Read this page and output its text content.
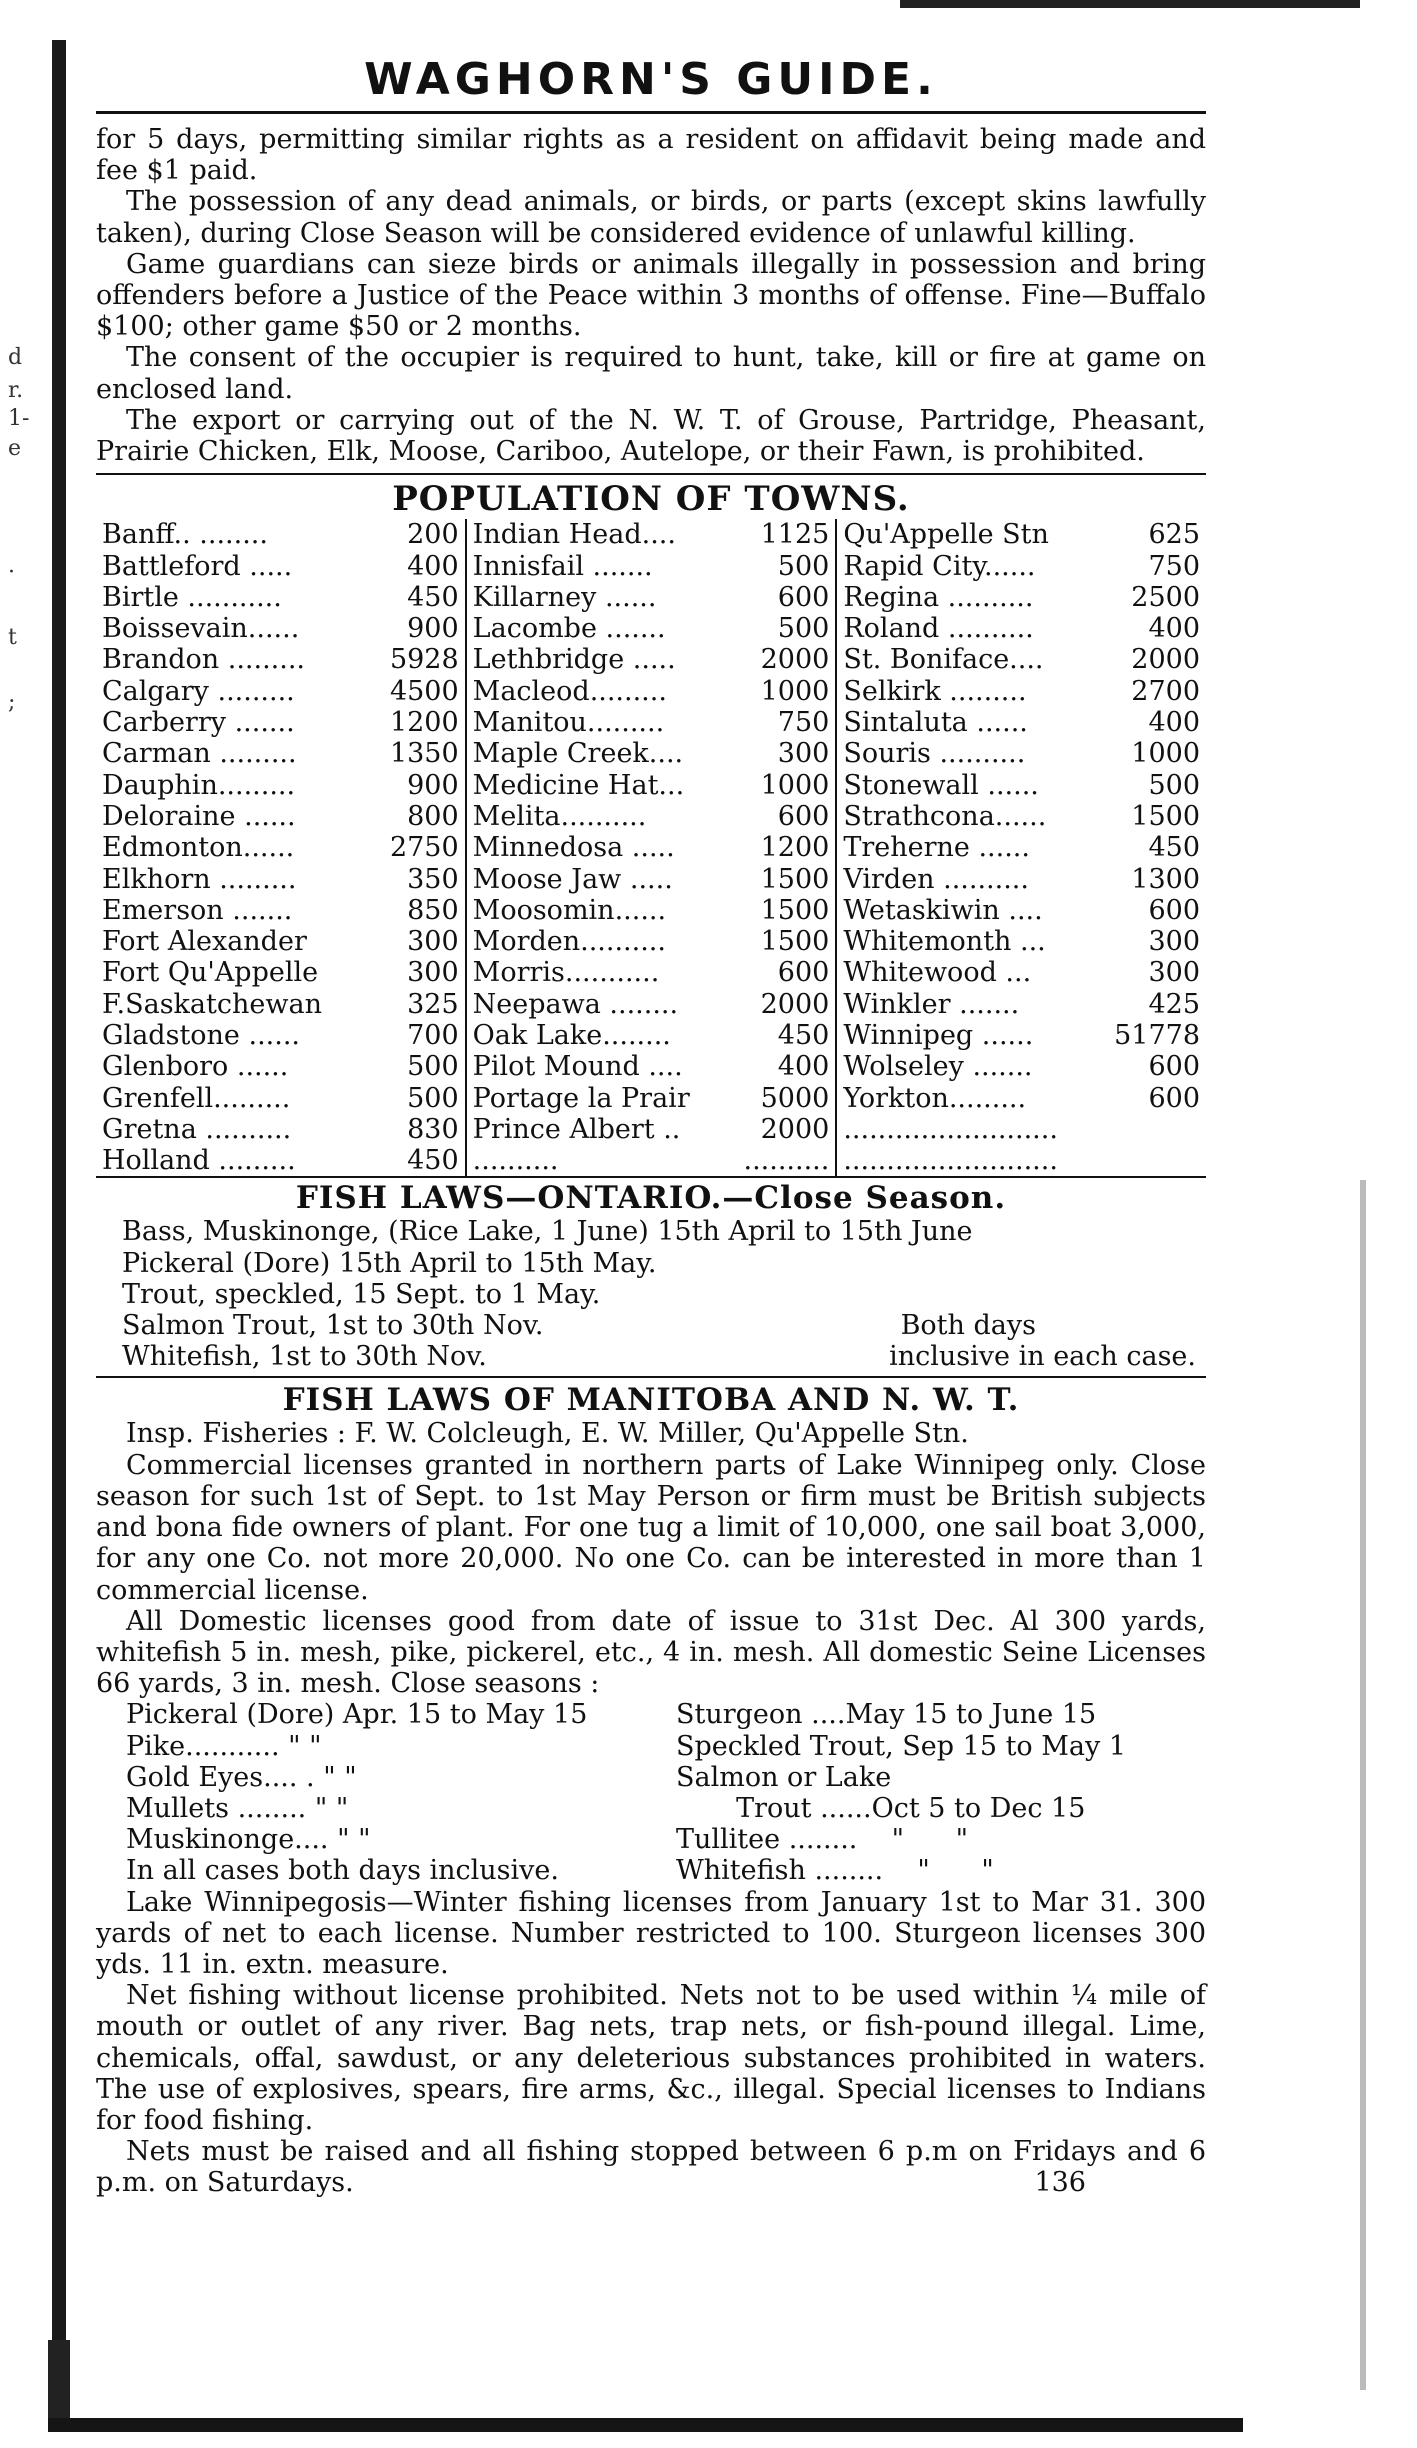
d
r.
1-
e
·
t
;
WAGHORN'S GUIDE.

for 5 days, permitting similar rights as a resident on affidavit being made and fee $1 paid.

The possession of any dead animals, or birds, or parts (except skins lawfully taken), during Close Season will be considered evidence of unlawful killing.

Game guardians can sieze birds or animals illegally in possession and bring offenders before a Justice of the Peace within 3 months of offense. Fine—Buffalo $100; other game $50 or 2 months.

The consent of the occupier is required to hunt, take, kill or fire at game on enclosed land.

The export or carrying out of the N. W. T. of Grouse, Partridge, Pheasant, Prairie Chicken, Elk, Moose, Cariboo, Autelope, or their Fawn, is prohibited.

POPULATION OF TOWNS.
Banff.. ........	200
Battleford .....	400
Birtle ...........	450
Boissevain......	900
Brandon .........	5928
Calgary .........	4500
Carberry .......	1200
Carman .........	1350
Dauphin.........	900
Deloraine ......	800
Edmonton......	2750
Elkhorn .........	350
Emerson .......	850
Fort Alexander	300
Fort Qu'Appelle	300
F.Saskatchewan	325
Gladstone ......	700
Glenboro ......	500
Grenfell.........	500
Gretna ..........	830
Holland .........	450
Indian Head....	1125
Innisfail .......	500
Killarney ......	600
Lacombe .......	500
Lethbridge .....	2000
Macleod.........	1000
Manitou.........	750
Maple Creek....	300
Medicine Hat...	1000
Melita..........	600
Minnedosa .....	1200
Moose Jaw .....	1500
Moosomin......	1500
Morden..........	1500
Morris...........	600
Neepawa ........	2000
Oak Lake........	450
Pilot Mound ....	400
Portage la Prair	5000
Prince Albert ..	2000
..........	..........
Qu'Appelle Stn	625
Rapid City......	750
Regina ..........	2500
Roland ..........	400
St. Boniface....	2000
Selkirk .........	2700
Sintaluta ......	400
Souris ..........	1000
Stonewall ......	500
Strathcona......	1500
Treherne ......	450
Virden ..........	1300
Wetaskiwin ....	600
Whitemonth ...	300
Whitewood ...	300
Winkler .......	425
Winnipeg ......	51778
Wolseley .......	600
Yorkton.........	600
.........................
.........................
FISH LAWS—ONTARIO.—Close Season.
Bass, Muskinonge, (Rice Lake, 1 June) 15th April to 15th June
Pickeral (Dore) 15th April to 15th May.
Trout, speckled, 15 Sept. to 1 May.
Salmon Trout, 1st to 30th Nov.	Both days
Whitefish, 1st to 30th Nov.	inclusive in each case.
FISH LAWS OF MANITOBA AND N. W. T.

Insp. Fisheries : F. W. Colcleugh, E. W. Miller, Qu'Appelle Stn.

Commercial licenses granted in northern parts of Lake Winnipeg only. Close season for such 1st of Sept. to 1st May Person or firm must be British subjects and bona fide owners of plant. For one tug a limit of 10,000, one sail boat 3,000, for any one Co. not more 20,000. No one Co. can be interested in more than 1 commercial license.

All Domestic licenses good from date of issue to 31st Dec. Al 300 yards, whitefish 5 in. mesh, pike, pickerel, etc., 4 in. mesh. All domestic Seine Licenses 66 yards, 3 in. mesh. Close seasons :

Pickeral (Dore) Apr. 15 to May 15	Sturgeon ....May 15 to June 15
Pike........... " "	Speckled Trout, Sep 15 to May 1
Gold Eyes.... . " "	Salmon or Lake
Mullets ........ " "	Trout ......Oct 5 to Dec 15
Muskinonge.... " "	Tullitee ........    "      "
In all cases both days inclusive.	Whitefish ........    "      "

Lake Winnipegosis—Winter fishing licenses from January 1st to Mar 31. 300 yards of net to each license. Number restricted to 100. Sturgeon licenses 300 yds. 11 in. extn. measure.

Net fishing without license prohibited. Nets not to be used within ¼ mile of mouth or outlet of any river. Bag nets, trap nets, or fish-pound illegal. Lime, chemicals, offal, sawdust, or any deleterious substances prohibited in waters. The use of explosives, spears, fire arms, &c., illegal. Special licenses to Indians for food fishing.

Nets must be raised and all fishing stopped between 6 p.m on Fridays and 6 p.m. on Saturdays.	136
